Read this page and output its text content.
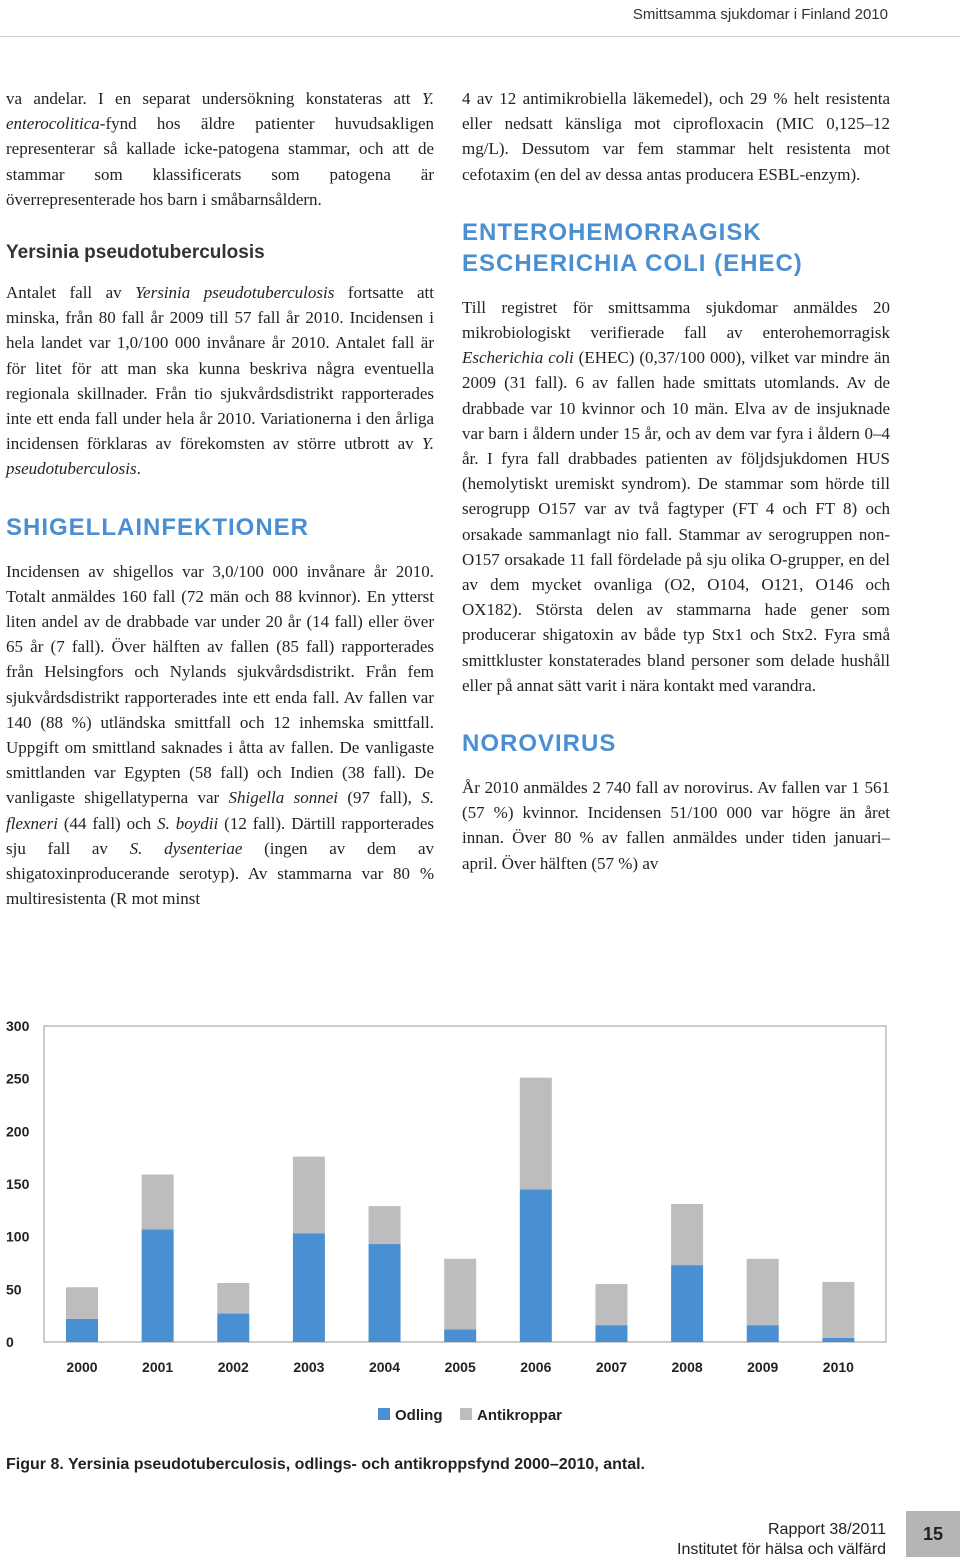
Smittsamma sjukdomar i Finland 2010

va andelar. I en separat undersökning konstateras att Y. enterocolitica-fynd hos äldre patienter huvudsakligen representerar så kallade icke-patogena stammar, och att de stammar som klassificerats som patogena är överrepresenterade hos barn i småbarnsåldern.

Yersinia pseudotuberculosis

Antalet fall av Yersinia pseudotuberculosis fortsatte att minska, från 80 fall år 2009 till 57 fall år 2010. Incidensen i hela landet var 1,0/100 000 invånare år 2010. Antalet fall är för litet för att man ska kunna beskriva några eventuella regionala skillnader. Från tio sjukvårdsdistrikt rapporterades inte ett enda fall under hela år 2010. Variationerna i den årliga incidensen förklaras av förekomsten av större utbrott av Y. pseudotuberculosis.

SHIGELLAINFEKTIONER

Incidensen av shigellos var 3,0/100 000 invånare år 2010. Totalt anmäldes 160 fall (72 män och 88 kvinnor). En ytterst liten andel av de drabbade var under 20 år (14 fall) eller över 65 år (7 fall). Över hälften av fallen (85 fall) rapporterades från Helsingfors och Nylands sjukvårdsdistrikt. Från fem sjukvårdsdistrikt rapporterades inte ett enda fall. Av fallen var 140 (88 %) utländska smittfall och 12 inhemska smittfall. Uppgift om smittland saknades i åtta av fallen. De vanligaste smittlanden var Egypten (58 fall) och Indien (38 fall). De vanligaste shigellatyperna var Shigella sonnei (97 fall), S. flexneri (44 fall) och S. boydii (12 fall). Därtill rapporterades sju fall av S. dysenteriae (ingen av dem av shigatoxinproducerande serotyp). Av stammarna var 80 % multiresistenta (R mot minst

4 av 12 antimikrobiella läkemedel), och 29 % helt resistenta eller nedsatt känsliga mot ciprofloxacin (MIC 0,125–12 mg/L). Dessutom var fem stammar helt resistenta mot cefotaxim (en del av dessa antas producera ESBL-enzym).

ENTEROHEMORRAGISK ESCHERICHIA COLI (EHEC)

Till registret för smittsamma sjukdomar anmäldes 20 mikrobiologiskt verifierade fall av enterohemorragisk Escherichia coli (EHEC) (0,37/100 000), vilket var mindre än 2009 (31 fall). 6 av fallen hade smittats utomlands. Av de drabbade var 10 kvinnor och 10 män. Elva av de insjuknade var barn i åldern under 15 år, och av dem var fyra i åldern 0–4 år. I fyra fall drabbades patienten av följdsjukdomen HUS (hemolytiskt uremiskt syndrom). De stammar som hörde till serogrupp O157 var av två fagtyper (FT 4 och FT 8) och orsakade sammanlagt nio fall. Stammar av serogruppen non-O157 orsakade 11 fall fördelade på sju olika O-grupper, en del av dem mycket ovanliga (O2, O104, O121, O146 och OX182). Största delen av stammarna hade gener som producerar shigatoxin av både typ Stx1 och Stx2. Fyra små smittkluster konstaterades bland personer som delade hushåll eller på annat sätt varit i nära kontakt med varandra.

NOROVIRUS

År 2010 anmäldes 2 740 fall av norovirus. Av fallen var 1 561 (57 %) kvinnor. Incidensen 51/100 000 var högre än året innan. Över 80 % av fallen anmäldes under tiden januari–april. Över hälften (57 %) av

0
50
100
150
200
250
300
2000	2001	2002	2003	2004	2005	2006	2007	2008	2009	2010
Odling Antikroppar
Figur 8. Yersinia pseudotuberculosis, odlings- och antikroppsfynd 2000–2010, antal.
Rapport 38/2011
Institutet för hälsa och välfärd
15
